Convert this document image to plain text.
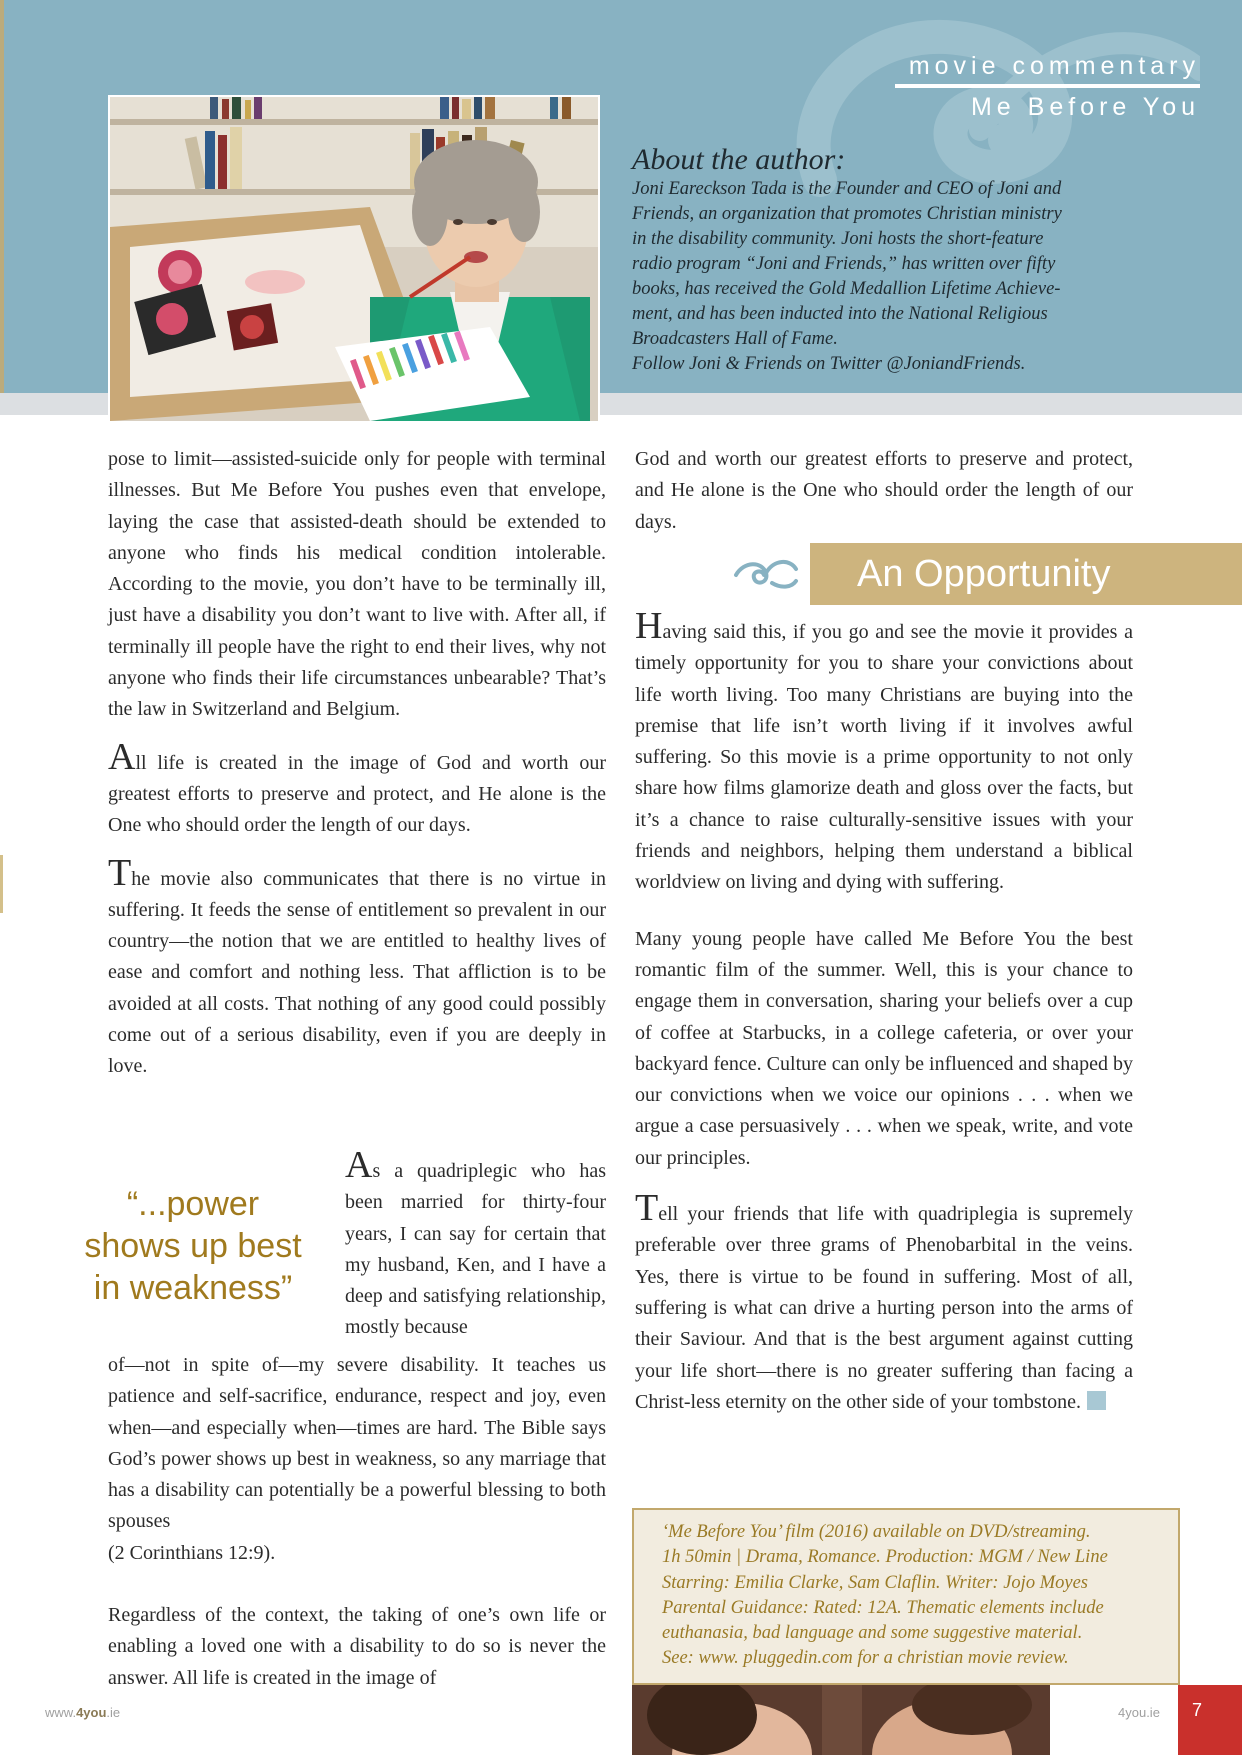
movie commentary
Me Before You
About the author:

Joni Eareckson Tada is the Founder and CEO of Joni and

Friends, an organization that promotes Christian ministry

in the disability community. Joni hosts the short-feature

radio program “Joni and Friends,” has written over fifty

books, has received the Gold Medallion Lifetime Achieve-

ment, and has been inducted into the National Religious

Broadcasters Hall of Fame.

Follow Joni & Friends on Twitter @JoniandFriends.

pose to limit—assisted-suicide only for people with terminal illnesses. But Me Before You pushes even that envelope, laying the case that assisted-death should be extended to anyone who finds his medical condition intolerable. According to the movie, you don’t have to be terminally ill, just have a disability you don’t want to live with. After all, if terminally ill people have the right to end their lives, why not anyone who finds their life circumstances unbearable? That’s the law in Switzerland and Belgium.

All life is created in the image of God and worth our greatest efforts to preserve and protect, and He alone is the One who should order the length of our days.

The movie also communicates that there is no virtue in suffering. It feeds the sense of entitlement so prevalent in our country—the notion that we are entitled to healthy lives of ease and comfort and nothing less. That affliction is to be avoided at all costs. That nothing of any good could possibly come out of a serious disability, even if you are deeply in love.

“...power
shows up best
in weakness”

As a quadriplegic who has been married for thirty-four years, I can say for certain that my husband, Ken, and I have a deep and satisfying relationship, mostly because

of—not in spite of—my severe disability. It teaches us patience and self-sacrifice, endurance, respect and joy, even when—and especially when—times are hard. The Bible says God’s power shows up best in weakness, so any marriage that has a disability can potentially be a powerful blessing to both spouses

(2 Corinthians 12:9).

Regardless of the context, the taking of one’s own life or enabling a loved one with a disability to do so is never the answer. All life is created in the image of

God and worth our greatest efforts to preserve and protect, and He alone is the One who should order the length of our days.

An Opportunity

Having said this, if you go and see the movie it provides a timely opportunity for you to share your convictions about life worth living. Too many Christians are buying into the premise that life isn’t worth living if it involves awful suffering. So this movie is a prime opportunity to not only share how films glamorize death and gloss over the facts, but it’s a chance to raise culturally-sensitive issues with your friends and neighbors, helping them understand a biblical worldview on living and dying with suffering.

Many young people have called Me Before You the best romantic film of the summer. Well, this is your chance to engage them in conversation, sharing your beliefs over a cup of coffee at Starbucks, in a college cafeteria, or over your backyard fence. Culture can only be influenced and shaped by our convictions when we voice our opinions . . . when we argue a case persuasively . . . when we speak, write, and vote our principles.

Tell your friends that life with quadriplegia is supremely preferable over three grams of Phenobarbital in the veins. Yes, there is virtue to be found in suffering. Most of all, suffering is what can drive a hurting person into the arms of their Saviour. And that is the best argument against cutting your life short—there is no greater suffering than facing a Christ-less eternity on the other side of your tombstone.

‘Me Before You’ film (2016) available on DVD/streaming.

1h 50min | Drama, Romance. Production: MGM / New Line

Starring: Emilia Clarke, Sam Claflin. Writer: Jojo Moyes

Parental Guidance: Rated: 12A. Thematic elements include

euthanasia, bad language and some suggestive material.

See: www. pluggedin.com for a christian movie review.

www.4you.ie	4you.ie	7
